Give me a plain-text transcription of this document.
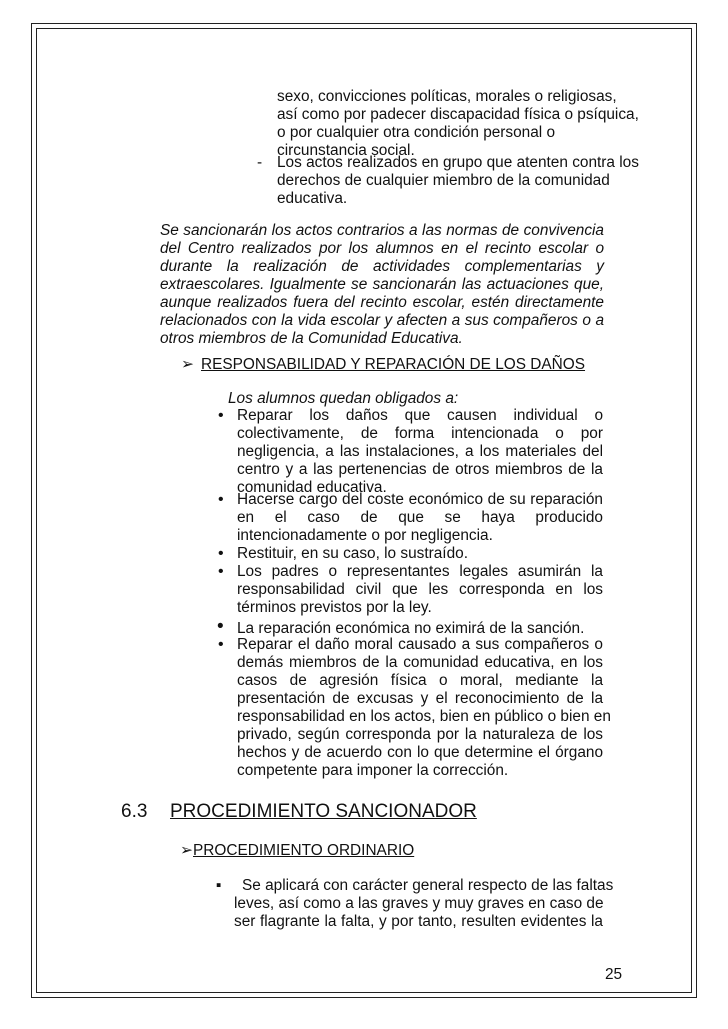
sexo, convicciones políticas, morales o religiosas,
así como por padecer discapacidad física o psíquica,
o por cualquier otra condición personal o
circunstancia social.
- Los actos realizados en grupo que atenten contra los
derechos de cualquier miembro de la comunidad
educativa.
Se sancionarán los actos contrarios a las normas de convivencia
del Centro realizados por los alumnos en el recinto escolar o
durante la realización de actividades complementarias y
extraescolares. Igualmente se sancionarán las actuaciones que,
aunque realizados fuera del recinto escolar, estén directamente
relacionados con la vida escolar y afecten a sus compañeros o a
otros miembros de la Comunidad Educativa.
➢ RESPONSABILIDAD Y REPARACIÓN DE LOS DAÑOS
Los alumnos quedan obligados a:
• Reparar los daños que causen individual o
colectivamente, de forma intencionada o por
negligencia, a las instalaciones, a los materiales del
centro y a las pertenencias de otros miembros de la
comunidad educativa.
• Hacerse cargo del coste económico de su reparación
en el caso de que se haya producido
intencionadamente o por negligencia.
• Restituir, en su caso, lo sustraído.
• Los padres o representantes legales asumirán la
responsabilidad civil que les corresponda en los
términos previstos por la ley.
• La reparación económica no eximirá de la sanción.
• Reparar el daño moral causado a sus compañeros o
demás miembros de la comunidad educativa, en los
casos de agresión física o moral, mediante la
presentación de excusas y el reconocimiento de la
responsabilidad en los actos, bien en público o bien en
privado, según corresponda por la naturaleza de los
hechos y de acuerdo con lo que determine el órgano
competente para imponer la corrección.
6.3 PROCEDIMIENTO SANCIONADOR
➢ PROCEDIMIENTO ORDINARIO
▪ Se aplicará con carácter general respecto de las faltas
leves, así como a las graves y muy graves en caso de
ser flagrante la falta, y por tanto, resulten evidentes la
25
